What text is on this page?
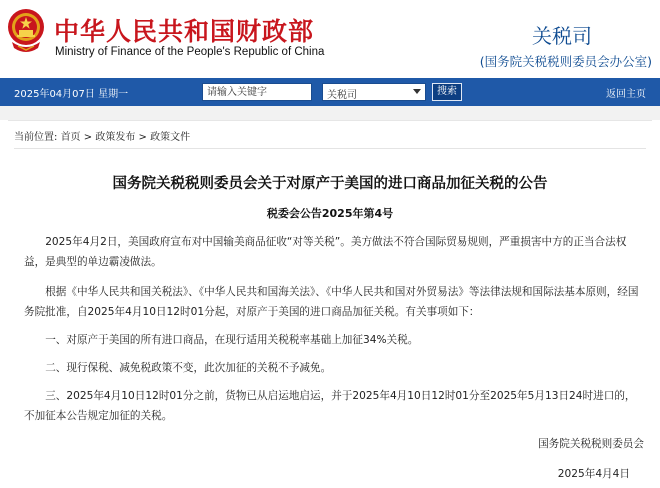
中华人民共和国财政部
Ministry of Finance of the People's Republic of China
关税司
(国务院关税税则委员会办公室)
2025年04月07日 星期一
请输入关键字	关税司	搜索	返回主页
当前位置: 首页 > 政策发布 > 政策文件
国务院关税税则委员会关于对原产于美国的进口商品加征关税的公告
税委会公告2025年第4号
2025年4月2日，美国政府宣布对中国输美商品征收“对等关税”。美方做法不符合国际贸易规则，严重损害中方的正当合法权益，是典型的单边霸凌做法。
根据《中华人民共和国关税法》、《中华人民共和国海关法》、《中华人民共和国对外贸易法》等法律法规和国际法基本原则，经国务院批准，自2025年4月10日12时01分起，对原产于美国的进口商品加征关税。有关事项如下：
一、对原产于美国的所有进口商品，在现行适用关税税率基础上加征34%关税。
二、现行保税、减免税政策不变，此次加征的关税不予减免。
三、2025年4月10日12时01分之前，货物已从启运地启运，并于2025年4月10日12时01分至2025年5月13日24时进口的，不加征本公告规定加征的关税。
国务院关税税则委员会
2025年4月4日
